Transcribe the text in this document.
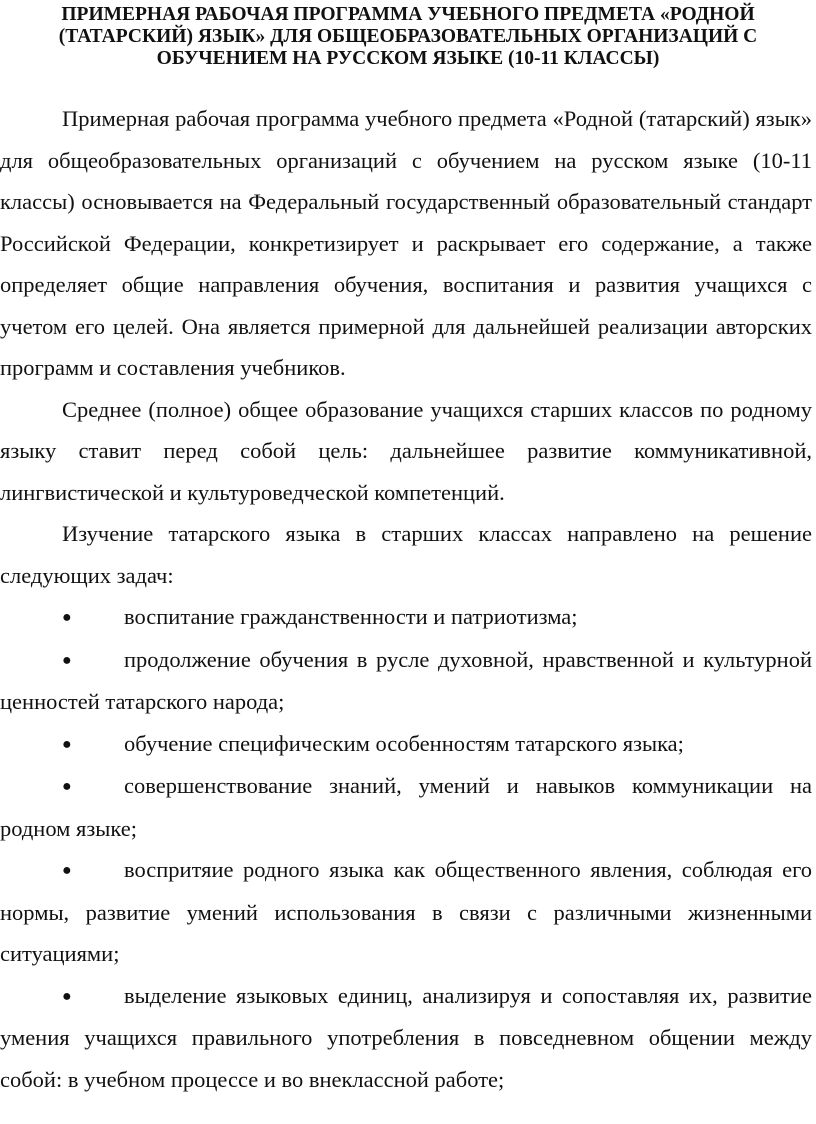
ПРИМЕРНАЯ РАБОЧАЯ ПРОГРАММА УЧЕБНОГО ПРЕДМЕТА «РОДНОЙ (ТАТАРСКИЙ) ЯЗЫК» ДЛЯ ОБЩЕОБРАЗОВАТЕЛЬНЫХ ОРГАНИЗАЦИЙ С ОБУЧЕНИЕМ НА РУССКОМ ЯЗЫКЕ (10-11 КЛАССЫ)

Примерная рабочая программа учебного предмета «Родной (татарский) язык» для общеобразовательных организаций с обучением на русском языке (10-11 классы) основывается на Федеральный государственный образовательный стандарт Российской Федерации, конкретизирует и раскрывает его содержание, а также определяет общие направления обучения, воспитания и развития учащихся с учетом его целей. Она является примерной для дальнейшей реализации авторских программ и составления учебников.

Среднее (полное) общее образование учащихся старших классов по родному языку ставит перед собой цель: дальнейшее развитие коммуникативной, лингвистической и культуроведческой компетенций.

Изучение татарского языка в старших классах направлено на решение следующих задач:

● воспитание гражданственности и патриотизма;

● продолжение обучения в русле духовной, нравственной и культурной ценностей татарского народа;

● обучение специфическим особенностям татарского языка;

● совершенствование знаний, умений и навыков коммуникации на родном языке;

● воспритяие родного языка как общественного явления, соблюдая его нормы, развитие умений использования в связи с различными жизненными ситуациями;

● выделение языковых единиц, анализируя и сопоставляя их, развитие умения учащихся правильного употребления в повседневном общении между собой: в учебном процессе и во внеклассной работе;
